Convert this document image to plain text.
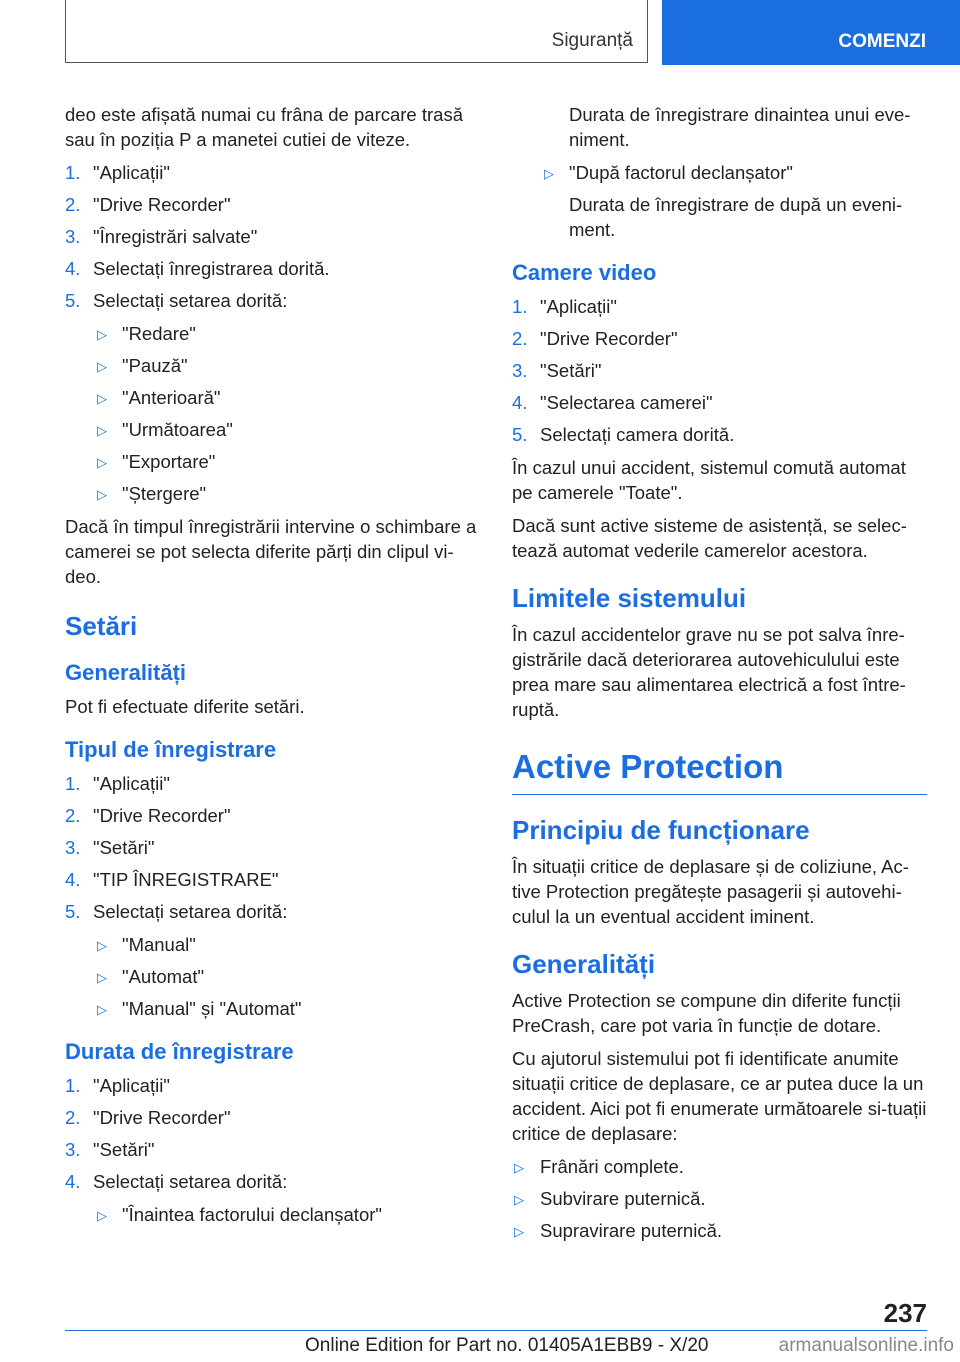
Siguranță	COMENZI

deo este afișată numai cu frâna de parcare trasă sau în poziția P a manetei cutiei de viteze.

1. "Aplicații"
2. "Drive Recorder"
3. "Înregistrări salvate"
4. Selectați înregistrarea dorită.
5. Selectați setarea dorită:
▷ "Redare"
▷ "Pauză"
▷ "Anterioară"
▷ "Următoarea"
▷ "Exportare"
▷ "Ștergere"

Dacă în timpul înregistrării intervine o schimbare a camerei se pot selecta diferite părți din clipul vi-deo.

Setări
Generalități

Pot fi efectuate diferite setări.

Tipul de înregistrare
1. "Aplicații"
2. "Drive Recorder"
3. "Setări"
4. "TIP ÎNREGISTRARE"
5. Selectați setarea dorită:
▷ "Manual"
▷ "Automat"
▷ "Manual" și "Automat"
Durata de înregistrare
1. "Aplicații"
2. "Drive Recorder"
3. "Setări"
4. Selectați setarea dorită:
▷ "Înaintea factorului declanșator"

Durata de înregistrare dinaintea unui eve-niment.

▷ "După factorul declanșator"

Durata de înregistrare de după un eveni-ment.

Camere video
1. "Aplicații"
2. "Drive Recorder"
3. "Setări"
4. "Selectarea camerei"
5. Selectați camera dorită.

În cazul unui accident, sistemul comută automat pe camerele "Toate".

Dacă sunt active sisteme de asistență, se selec-tează automat vederile camerelor acestora.

Limitele sistemului

În cazul accidentelor grave nu se pot salva înre-gistrările dacă deteriorarea autovehiculului este prea mare sau alimentarea electrică a fost între-ruptă.

Active Protection
Principiu de funcționare

În situații critice de deplasare și de coliziune, Ac-tive Protection pregătește pasagerii și autovehi-culul la un eventual accident iminent.

Generalități

Active Protection se compune din diferite funcții PreCrash, care pot varia în funcție de dotare.

Cu ajutorul sistemului pot fi identificate anumite situații critice de deplasare, ce ar putea duce la un accident. Aici pot fi enumerate următoarele si-tuații critice de deplasare:

▷ Frânări complete.
▷ Subvirare puternică.
▷ Supravirare puternică.
237
Online Edition for Part no. 01405A1EBB9 - X/20	armanualsonline.info
